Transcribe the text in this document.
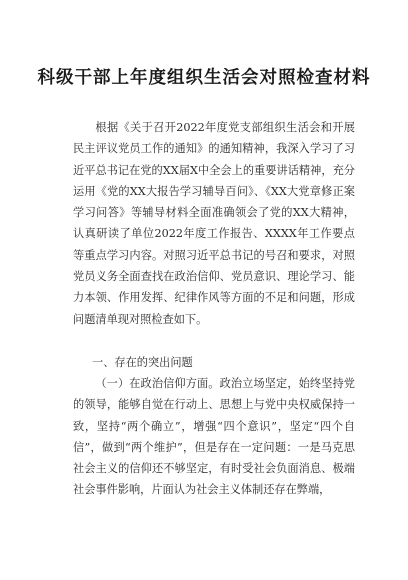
科级干部上年度组织生活会对照检查材料
根据《关于召开2022年度党支部组织生活会和开展民主评议党员工作的通知》的通知精神，我深入学习了习近平总书记在党的XX届X中全会上的重要讲话精神，充分运用《党的XX大报告学习辅导百问》、《XX大党章修正案学习问答》等辅导材料全面准确领会了党的XX大精神，认真研读了单位2022年度工作报告、XXXX年工作要点等重点学习内容。对照习近平总书记的号召和要求，对照党员义务全面查找在政治信仰、党员意识、理论学习、能力本领、作用发挥、纪律作风等方面的不足和问题，形成问题清单现对照检查如下。
一、存在的突出问题
（一）在政治信仰方面。政治立场坚定，始终坚持党的领导，能够自觉在行动上、思想上与党中央权威保持一致，坚持“两个确立”，增强“四个意识”，坚定“四个自信”，做到“两个维护”，但是存在一定问题：一是马克思社会主义的信仰还不够坚定，有时受社会负面消息、极端社会事件影响，片面认为社会主义体制还存在弊端，
